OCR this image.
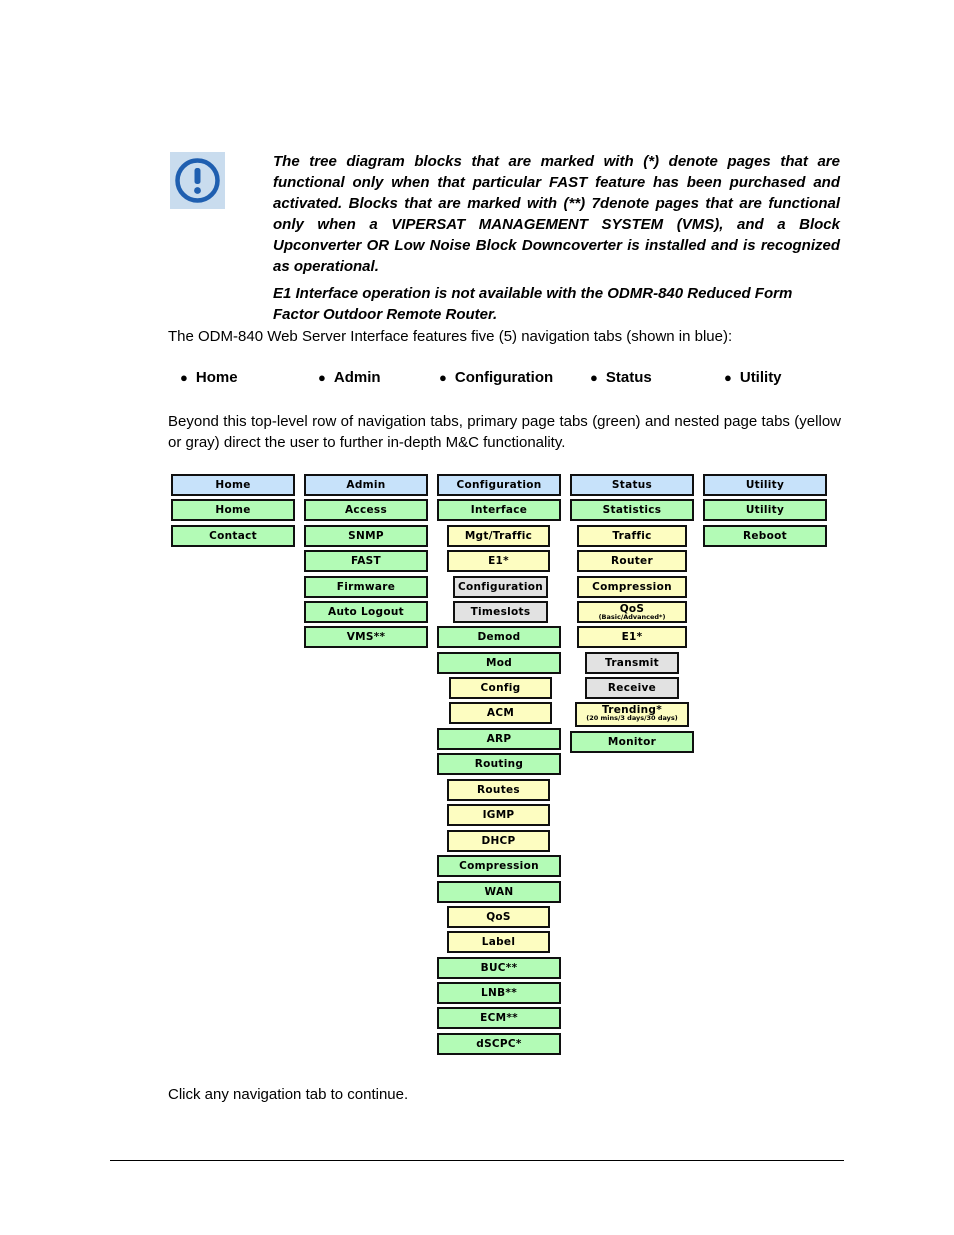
The tree diagram blocks that are marked with (*) denote pages that are functional only when that particular FAST feature has been purchased and activated. Blocks that are marked with (**) 7denote pages that are functional only when a VIPERSAT MANAGEMENT SYSTEM (VMS), and a Block Upconverter OR Low Noise Block Downcoverter is installed and is recognized as operational.

E1 Interface operation is not available with the ODMR-840 Reduced Form Factor Outdoor Remote Router.

The ODM-840 Web Server Interface features five (5) navigation tabs (shown in blue):

● Home	● Admin	● Configuration	● Status	● Utility

Beyond this top-level row of navigation tabs, primary page tabs (green) and nested page tabs (yellow or gray) direct the user to further in-depth M&C functionality.

Home
Home
Contact
Admin
Access
SNMP
FAST
Firmware
Auto Logout
VMS**
Configuration
Interface
Mgt/Traffic
E1*
Configuration
Timeslots
Demod
Mod
Config
ACM
ARP
Routing
Routes
IGMP
DHCP
Compression
WAN
QoS
Label
BUC**
LNB**
ECM**
dSCPC*
Status
Statistics
Traffic
Router
Compression
QoS
(Basic/Advanced*)
E1*
Transmit
Receive
Trending*
(20 mins/3 days/30 days)
Monitor
Utility
Utility
Reboot

Click any navigation tab to continue.
